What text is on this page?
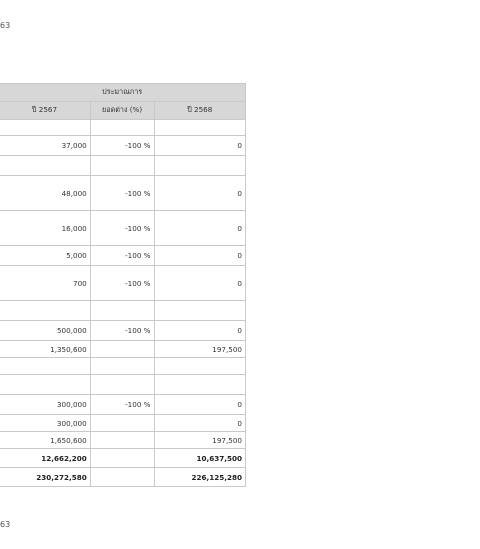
63
	ประมาณการ		
	ปี 2567	ยอดต่าง (%)	ปี 2568

	37,000	-100 %	0

	48,000	-100 %	0
	16,000	-100 %	0
	5,000	-100 %	0
	700	-100 %	0

	500,000	-100 %	0
	1,350,600		197,500

	300,000	-100 %	0
	300,000		0
	1,650,600		197,500
	12,662,200		10,637,500
	230,272,580		226,125,280
63
